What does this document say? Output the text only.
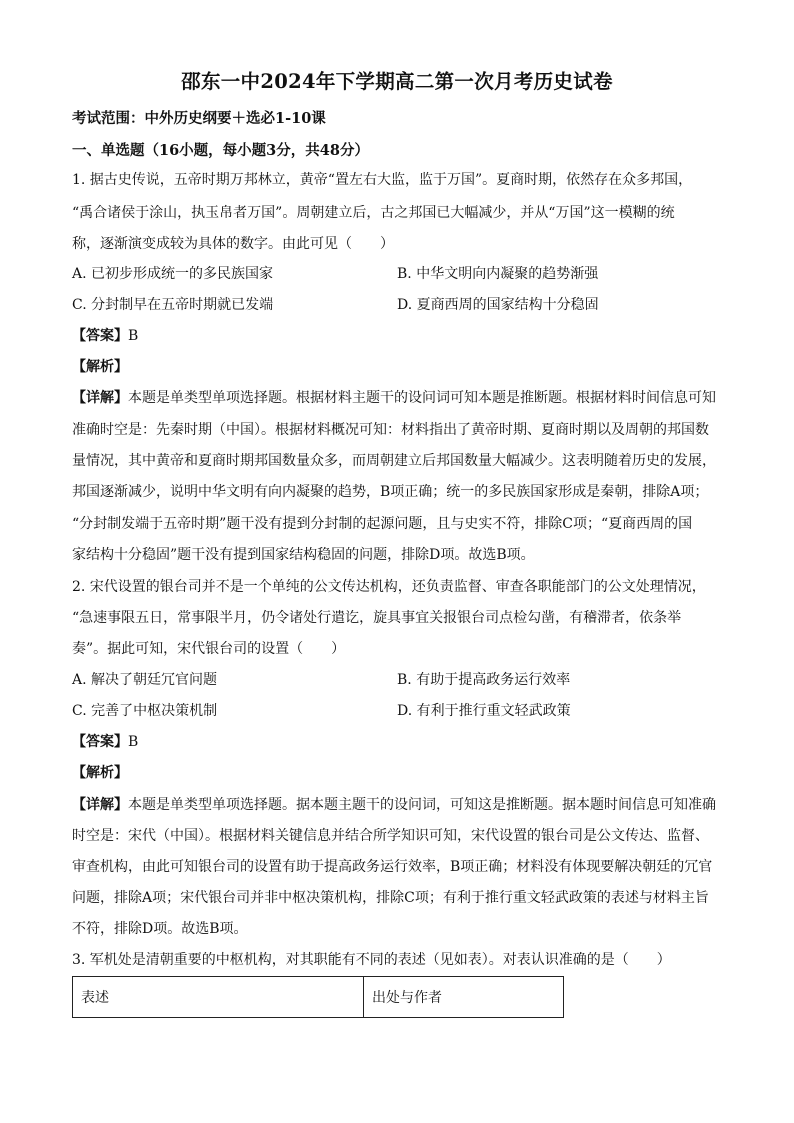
邵东一中2024年下学期高二第一次月考历史试卷
考试范围：中外历史纲要＋选必1-10课
一、单选题（16小题，每小题3分，共48分）
1. 据古史传说，五帝时期万邦林立，黄帝“置左右大监，监于万国”。夏商时期，依然存在众多邦国，
“禹合诸侯于涂山，执玉帛者万国”。周朝建立后，古之邦国已大幅减少，并从“万国”这一模糊的统
称，逐渐演变成较为具体的数字。由此可见（　　）
A. 已初步形成统一的多民族国家	B. 中华文明向内凝聚的趋势渐强
C. 分封制早在五帝时期就已发端	D. 夏商西周的国家结构十分稳固
【答案】B
【解析】
【详解】本题是单类型单项选择题。根据材料主题干的设问词可知本题是推断题。根据材料时间信息可知
准确时空是：先秦时期（中国）。根据材料概况可知：材料指出了黄帝时期、夏商时期以及周朝的邦国数
量情况，其中黄帝和夏商时期邦国数量众多，而周朝建立后邦国数量大幅减少。这表明随着历史的发展，
邦国逐渐减少，说明中华文明有向内凝聚的趋势，B项正确；统一的多民族国家形成是秦朝，排除A项；
“分封制发端于五帝时期”题干没有提到分封制的起源问题，且与史实不符，排除C项；“夏商西周的国
家结构十分稳固”题干没有提到国家结构稳固的问题，排除D项。故选B项。
2. 宋代设置的银台司并不是一个单纯的公文传达机构，还负责监督、审查各职能部门的公文处理情况，
“急速事限五日，常事限半月，仍令诸处行遣讫，旋具事宜关报银台司点检勾凿，有稽滞者，依条举
奏”。据此可知，宋代银台司的设置（　　）
A. 解决了朝廷冗官问题	B. 有助于提高政务运行效率
C. 完善了中枢决策机制	D. 有利于推行重文轻武政策
【答案】B
【解析】
【详解】本题是单类型单项选择题。据本题主题干的设问词，可知这是推断题。据本题时间信息可知准确
时空是：宋代（中国）。根据材料关键信息并结合所学知识可知，宋代设置的银台司是公文传达、监督、
审查机构，由此可知银台司的设置有助于提高政务运行效率，B项正确；材料没有体现要解决朝廷的冗官
问题，排除A项；宋代银台司并非中枢决策机构，排除C项；有利于推行重文轻武政策的表述与材料主旨
不符，排除D项。故选B项。
3. 军机处是清朝重要的中枢机构，对其职能有不同的表述（见如表）。对表认识准确的是（　　）
表述	出处与作者
